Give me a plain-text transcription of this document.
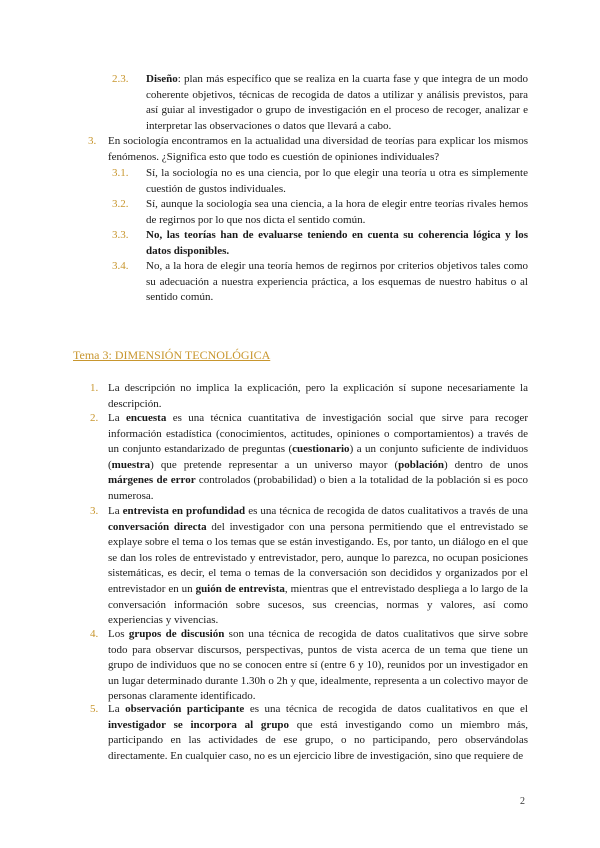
2.3. Diseño: plan más específico que se realiza en la cuarta fase y que integra de un modo coherente objetivos, técnicas de recogida de datos a utilizar y análisis previstos, para así guiar al investigador o grupo de investigación en el proceso de recoger, analizar e interpretar las observaciones o datos que llevará a cabo.
3. En sociología encontramos en la actualidad una diversidad de teorías para explicar los mismos fenómenos. ¿Significa esto que todo es cuestión de opiniones individuales?
3.1. Sí, la sociología no es una ciencia, por lo que elegir una teoría u otra es simplemente cuestión de gustos individuales.
3.2. Sí, aunque la sociología sea una ciencia, a la hora de elegir entre teorías rivales hemos de regirnos por lo que nos dicta el sentido común.
3.3. No, las teorías han de evaluarse teniendo en cuenta su coherencia lógica y los datos disponibles.
3.4. No, a la hora de elegir una teoría hemos de regirnos por criterios objetivos tales como su adecuación a nuestra experiencia práctica, a los esquemas de nuestro habitus o al sentido común.
Tema 3: DIMENSIÓN TECNOLÓGICA
1. La descripción no implica la explicación, pero la explicación sí supone necesariamente la descripción.
2. La encuesta es una técnica cuantitativa de investigación social que sirve para recoger información estadística (conocimientos, actitudes, opiniones o comportamientos) a través de un conjunto estandarizado de preguntas (cuestionario) a un conjunto suficiente de individuos (muestra) que pretende representar a un universo mayor (población) dentro de unos márgenes de error controlados (probabilidad) o bien a la totalidad de la población si es poco numerosa.
3. La entrevista en profundidad es una técnica de recogida de datos cualitativos a través de una conversación directa del investigador con una persona permitiendo que el entrevistado se explaye sobre el tema o los temas que se están investigando. Es, por tanto, un diálogo en el que se dan los roles de entrevistado y entrevistador, pero, aunque lo parezca, no ocupan posiciones sistemáticas, es decir, el tema o temas de la conversación son decididos y organizados por el entrevistador en un guión de entrevista, mientras que el entrevistado despliega a lo largo de la conversación información sobre sucesos, sus creencias, normas y valores, así como experiencias y vivencias.
4. Los grupos de discusión son una técnica de recogida de datos cualitativos que sirve sobre todo para observar discursos, perspectivas, puntos de vista acerca de un tema que tiene un grupo de individuos que no se conocen entre sí (entre 6 y 10), reunidos por un investigador en un lugar determinado durante 1.30h o 2h y que, idealmente, representa a un colectivo mayor de personas claramente identificado.
5. La observación participante es una técnica de recogida de datos cualitativos en que el investigador se incorpora al grupo que está investigando como un miembro más, participando en las actividades de ese grupo, o no participando, pero observándolas directamente. En cualquier caso, no es un ejercicio libre de investigación, sino que requiere de
2
